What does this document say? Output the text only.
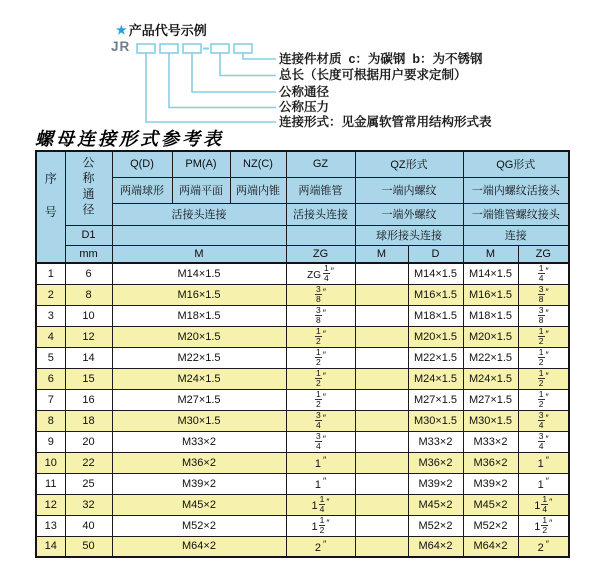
★ 产品代号示例
JR
连接件材质  c：为碳钢  b：为不锈钢
总长（长度可根据用户要求定制）
公称通径
公称压力
连接形式：见金属软管常用结构形式表
螺母连接形式参考表
序号	公称通径	Q(D)	PM(A)	NZ(C)	GZ	QZ形式		QG形式	
		两端球形	两端平面	两端内锥	两端锥管	一端内螺纹		一端内螺纹活接头	
		活接头连接			活接头连接	一端外螺纹		一端锥管螺纹接头	
	D1					球形接头连接		连接	
	mm	M			ZG	M	D	M	ZG
1	6	M14×1.5			ZG $\frac{1}{4} ''$		M14×1.5	M14×1.5	$\frac{1}{4} ''$
2	8	M16×1.5			$\frac{3}{8} ''$		M16×1.5	M16×1.5	$\frac{3}{8} ''$
3	10	M18×1.5			$\frac{3}{8} ''$		M18×1.5	M18×1.5	$\frac{3}{8} ''$
4	12	M20×1.5			$\frac{1}{2} ''$		M20×1.5	M20×1.5	$\frac{1}{2} ''$
5	14	M22×1.5			$\frac{1}{2} ''$		M22×1.5	M22×1.5	$\frac{1}{2} ''$
6	15	M24×1.5			$\frac{1}{2} ''$		M24×1.5	M24×1.5	$\frac{1}{2} ''$
7	16	M27×1.5			$\frac{1}{2} ''$		M27×1.5	M27×1.5	$\frac{1}{2} ''$
8	18	M30×1.5			$\frac{3}{4} ''$		M30×1.5	M30×1.5	$\frac{3}{4} ''$
9	20	M33×2			$\frac{3}{4} ''$		M33×2	M33×2	$\frac{3}{4} ''$
10	22	M36×2			1 ″		M36×2	M36×2	1 ″
11	25	M39×2			1 ″		M39×2	M39×2	1 ″
12	32	M45×2			$1 \frac{1}{4} ''$		M45×2	M45×2	$1 \frac{1}{4} ''$
13	40	M52×2			$1 \frac{1}{2} ''$		M52×2	M52×2	$1 \frac{1}{2} ''$
14	50	M64×2			2 ″		M64×2	M64×2	2 ″
